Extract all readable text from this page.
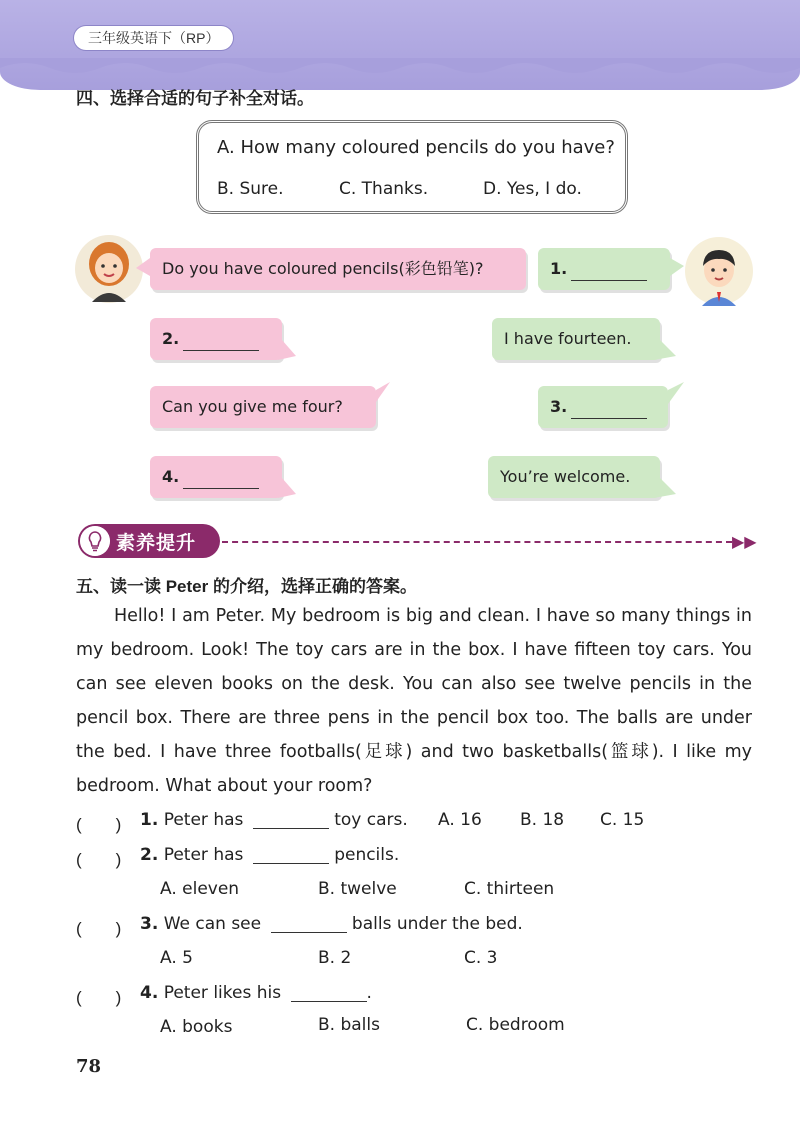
三年级英语下（RP）
四、选择合适的句子补全对话。
A. How many coloured pencils do you have?
B. Sure.	C. Thanks.	D. Yes, I do.
Do you have coloured pencils(彩色铅笔)?	1.
2.	I have fourteen.
Can you give me four?	3.
4.	You’re welcome.
素养提升	▶▶
五、读一读 Peter 的介绍，选择正确的答案。
Hello! I am Peter. My bedroom is big and clean. I have so many things in my bedroom. Look! The toy cars are in the box. I have fifteen toy cars. You can see eleven books on the desk. You can also see twelve pencils in the pencil box. There are three pens in the pencil box too. The balls are under the bed. I have three footballs(足球) and two basketballs(篮球). I like my bedroom. What about your room?
(　　) 1. Peter has	toy cars. A. 16 B. 18 C. 15
(　　) 2. Peter has	pencils.
A. eleven	B. twelve	C. thirteen
(　　) 3. We can see	balls under the bed.
A. 5	B. 2	C. 3
(　　) 4. Peter likes his	.
A. books	B. balls	C. bedroom
78
